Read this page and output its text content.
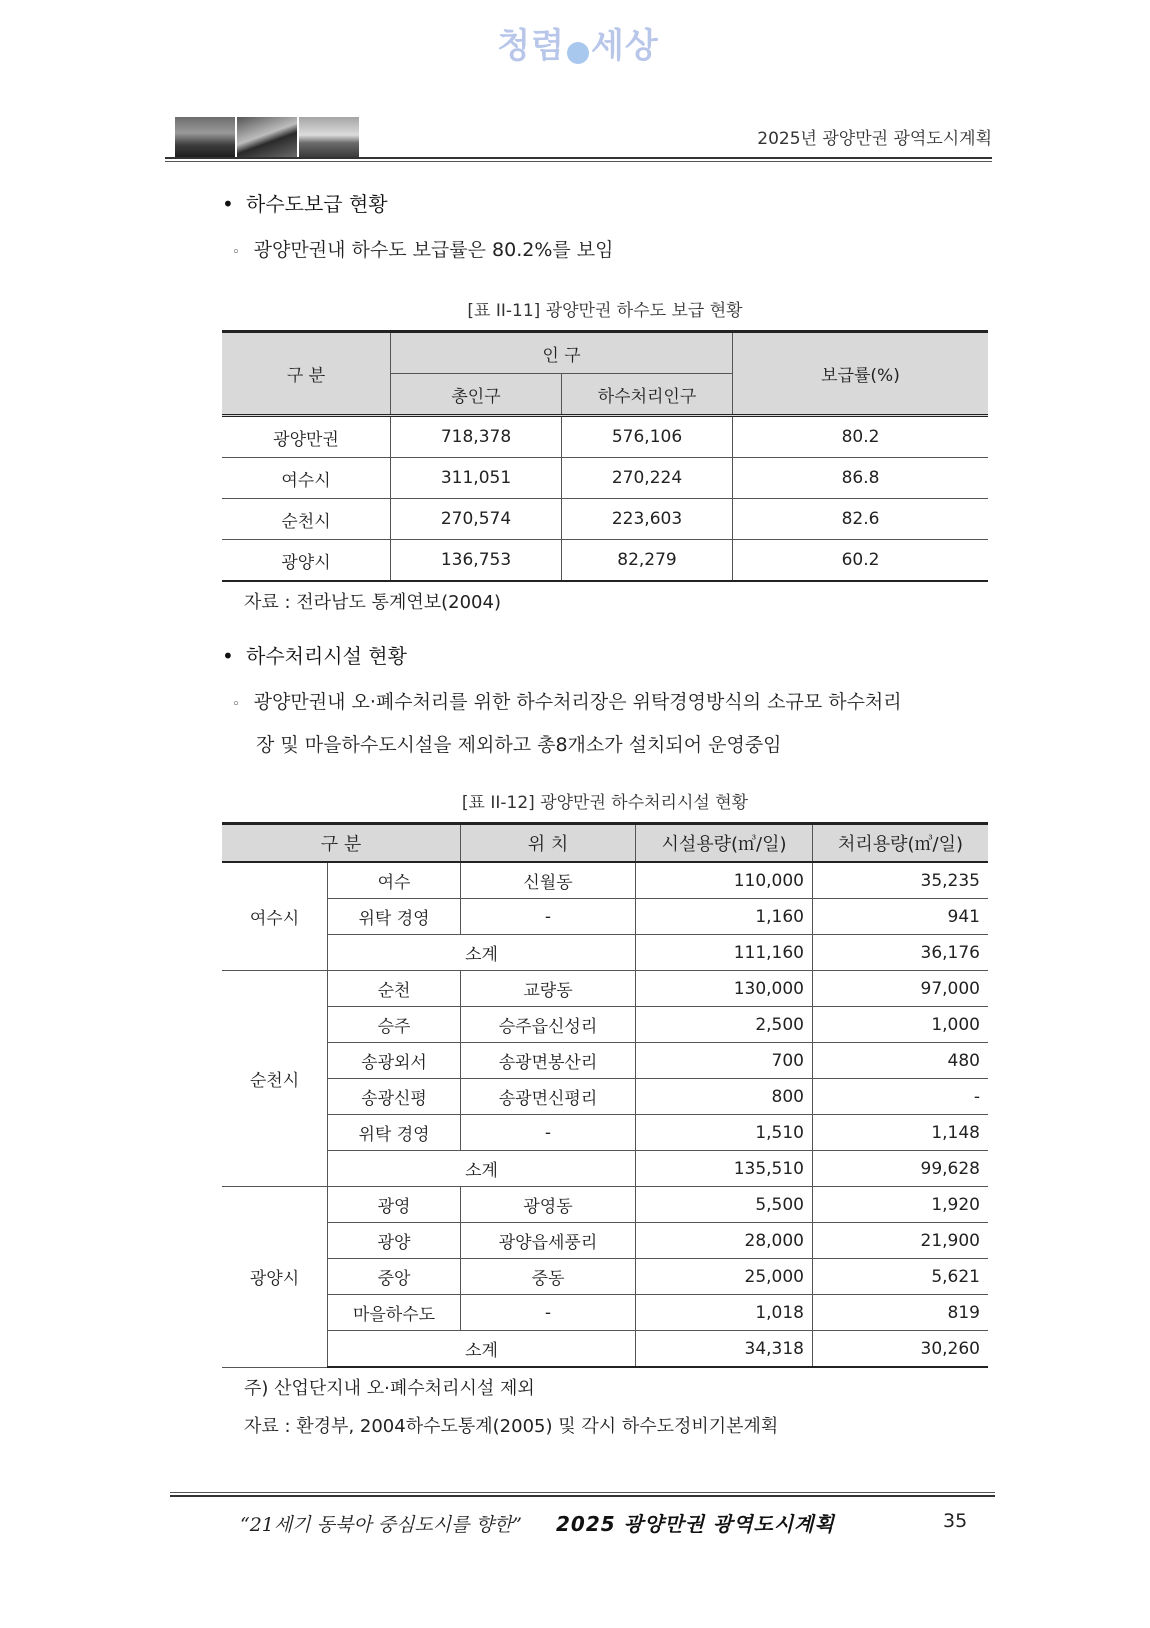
청렴 세상
2025년 광양만권 광역도시계획
• 하수도보급 현황
◦ 광양만권내 하수도 보급률은 80.2%를 보임
[표 II-11] 광양만권 하수도 보급 현황
구 분	인 구		보급률(%)
	총인구	하수처리인구	
광양만권	718,378	576,106	80.2
여수시	311,051	270,224	86.8
순천시	270,574	223,603	82.6
광양시	136,753	82,279	60.2
자료 : 전라남도 통계연보(2004)
• 하수처리시설 현황
◦ 광양만권내 오·폐수처리를 위한 하수처리장은 위탁경영방식의 소규모 하수처리
장 및 마을하수도시설을 제외하고 총8개소가 설치되어 운영중임
[표 II-12] 광양만권 하수처리시설 현황
구 분		위 치	시설용량(㎥/일)	처리용량(㎥/일)
여수시	여수	신월동	110,000	35,235
	위탁 경영	-	1,160	941
	소계		111,160	36,176
순천시	순천	교량동	130,000	97,000
	승주	승주읍신성리	2,500	1,000
	송광외서	송광면봉산리	700	480
	송광신평	송광면신평리	800	-
	위탁 경영	-	1,510	1,148
	소계		135,510	99,628
광양시	광영	광영동	5,500	1,920
	광양	광양읍세풍리	28,000	21,900
	중앙	중동	25,000	5,621
	마을하수도	-	1,018	819
	소계		34,318	30,260
주) 산업단지내 오·폐수처리시설 제외
자료 : 환경부, 2004하수도통계(2005) 및 각시 하수도정비기본계획
“21세기 동북아 중심도시를 향한” 2025 광양만권 광역도시계획	35
